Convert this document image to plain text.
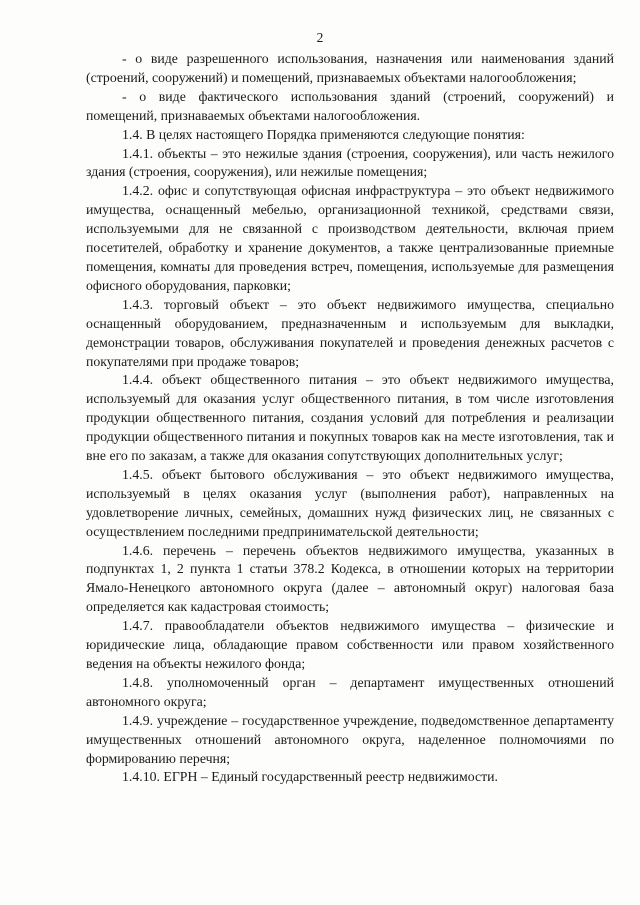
2

- о виде разрешенного использования, назначения или наименования зданий (строений, сооружений) и помещений, признаваемых объектами налогообложения;

- о виде фактического использования зданий (строений, сооружений) и помещений, признаваемых объектами налогообложения.

1.4. В целях настоящего Порядка применяются следующие понятия:

1.4.1. объекты – это нежилые здания (строения, сооружения), или часть нежилого здания (строения, сооружения), или нежилые помещения;

1.4.2. офис и сопутствующая офисная инфраструктура – это объект недвижимого имущества, оснащенный мебелью, организационной техникой, средствами связи, используемыми для не связанной с производством деятельности, включая прием посетителей, обработку и хранение документов, а также централизованные приемные помещения, комнаты для проведения встреч, помещения, используемые для размещения офисного оборудования, парковки;

1.4.3. торговый объект – это объект недвижимого имущества, специально оснащенный оборудованием, предназначенным и используемым для выкладки, демонстрации товаров, обслуживания покупателей и проведения денежных расчетов с покупателями при продаже товаров;

1.4.4. объект общественного питания – это объект недвижимого имущества, используемый для оказания услуг общественного питания, в том числе изготовления продукции общественного питания, создания условий для потребления и реализации продукции общественного питания и покупных товаров как на месте изготовления, так и вне его по заказам, а также для оказания сопутствующих дополнительных услуг;

1.4.5. объект бытового обслуживания – это объект недвижимого имущества, используемый в целях оказания услуг (выполнения работ), направленных на удовлетворение личных, семейных, домашних нужд физических лиц, не связанных с осуществлением последними предпринимательской деятельности;

1.4.6. перечень – перечень объектов недвижимого имущества, указанных в подпунктах 1, 2 пункта 1 статьи 378.2 Кодекса, в отношении которых на территории Ямало-Ненецкого автономного округа (далее – автономный округ) налоговая база определяется как кадастровая стоимость;

1.4.7. правообладатели объектов недвижимого имущества – физические и юридические лица, обладающие правом собственности или правом хозяйственного ведения на объекты нежилого фонда;

1.4.8. уполномоченный орган – департамент имущественных отношений автономного округа;

1.4.9. учреждение – государственное учреждение, подведомственное департаменту имущественных отношений автономного округа, наделенное полномочиями по формированию перечня;

1.4.10. ЕГРН – Единый государственный реестр недвижимости.
